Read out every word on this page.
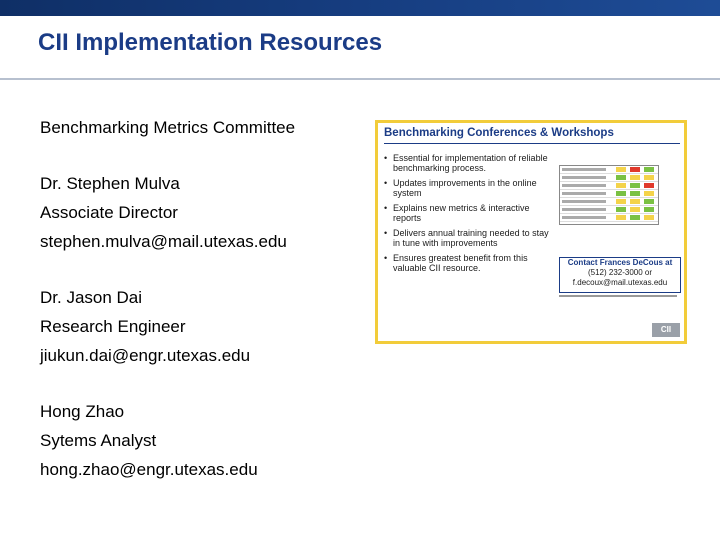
CII Implementation Resources
Benchmarking Metrics Committee
Dr. Stephen Mulva
Associate Director
stephen.mulva@mail.utexas.edu
Dr. Jason Dai
Research Engineer
jiukun.dai@engr.utexas.edu
Hong Zhao
Sytems Analyst
hong.zhao@engr.utexas.edu
Benchmarking Conferences & Workshops
• Essential for implementation of reliable benchmarking process.
• Updates improvements in the online system
• Explains new metrics & interactive reports
• Delivers annual training needed to stay in tune with improvements
• Ensures greatest benefit from this valuable CII resource.
Contact Frances DeCous at
(512) 232-3000 or
f.decoux@mail.utexas.edu
CII
